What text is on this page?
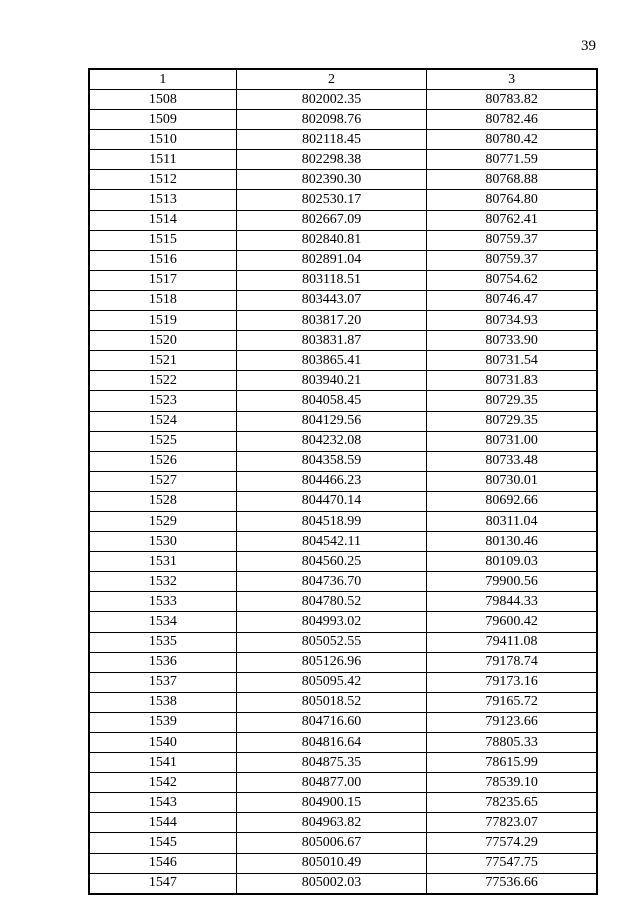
39
1	2	3
1508	802002.35	80783.82
1509	802098.76	80782.46
1510	802118.45	80780.42
1511	802298.38	80771.59
1512	802390.30	80768.88
1513	802530.17	80764.80
1514	802667.09	80762.41
1515	802840.81	80759.37
1516	802891.04	80759.37
1517	803118.51	80754.62
1518	803443.07	80746.47
1519	803817.20	80734.93
1520	803831.87	80733.90
1521	803865.41	80731.54
1522	803940.21	80731.83
1523	804058.45	80729.35
1524	804129.56	80729.35
1525	804232.08	80731.00
1526	804358.59	80733.48
1527	804466.23	80730.01
1528	804470.14	80692.66
1529	804518.99	80311.04
1530	804542.11	80130.46
1531	804560.25	80109.03
1532	804736.70	79900.56
1533	804780.52	79844.33
1534	804993.02	79600.42
1535	805052.55	79411.08
1536	805126.96	79178.74
1537	805095.42	79173.16
1538	805018.52	79165.72
1539	804716.60	79123.66
1540	804816.64	78805.33
1541	804875.35	78615.99
1542	804877.00	78539.10
1543	804900.15	78235.65
1544	804963.82	77823.07
1545	805006.67	77574.29
1546	805010.49	77547.75
1547	805002.03	77536.66
